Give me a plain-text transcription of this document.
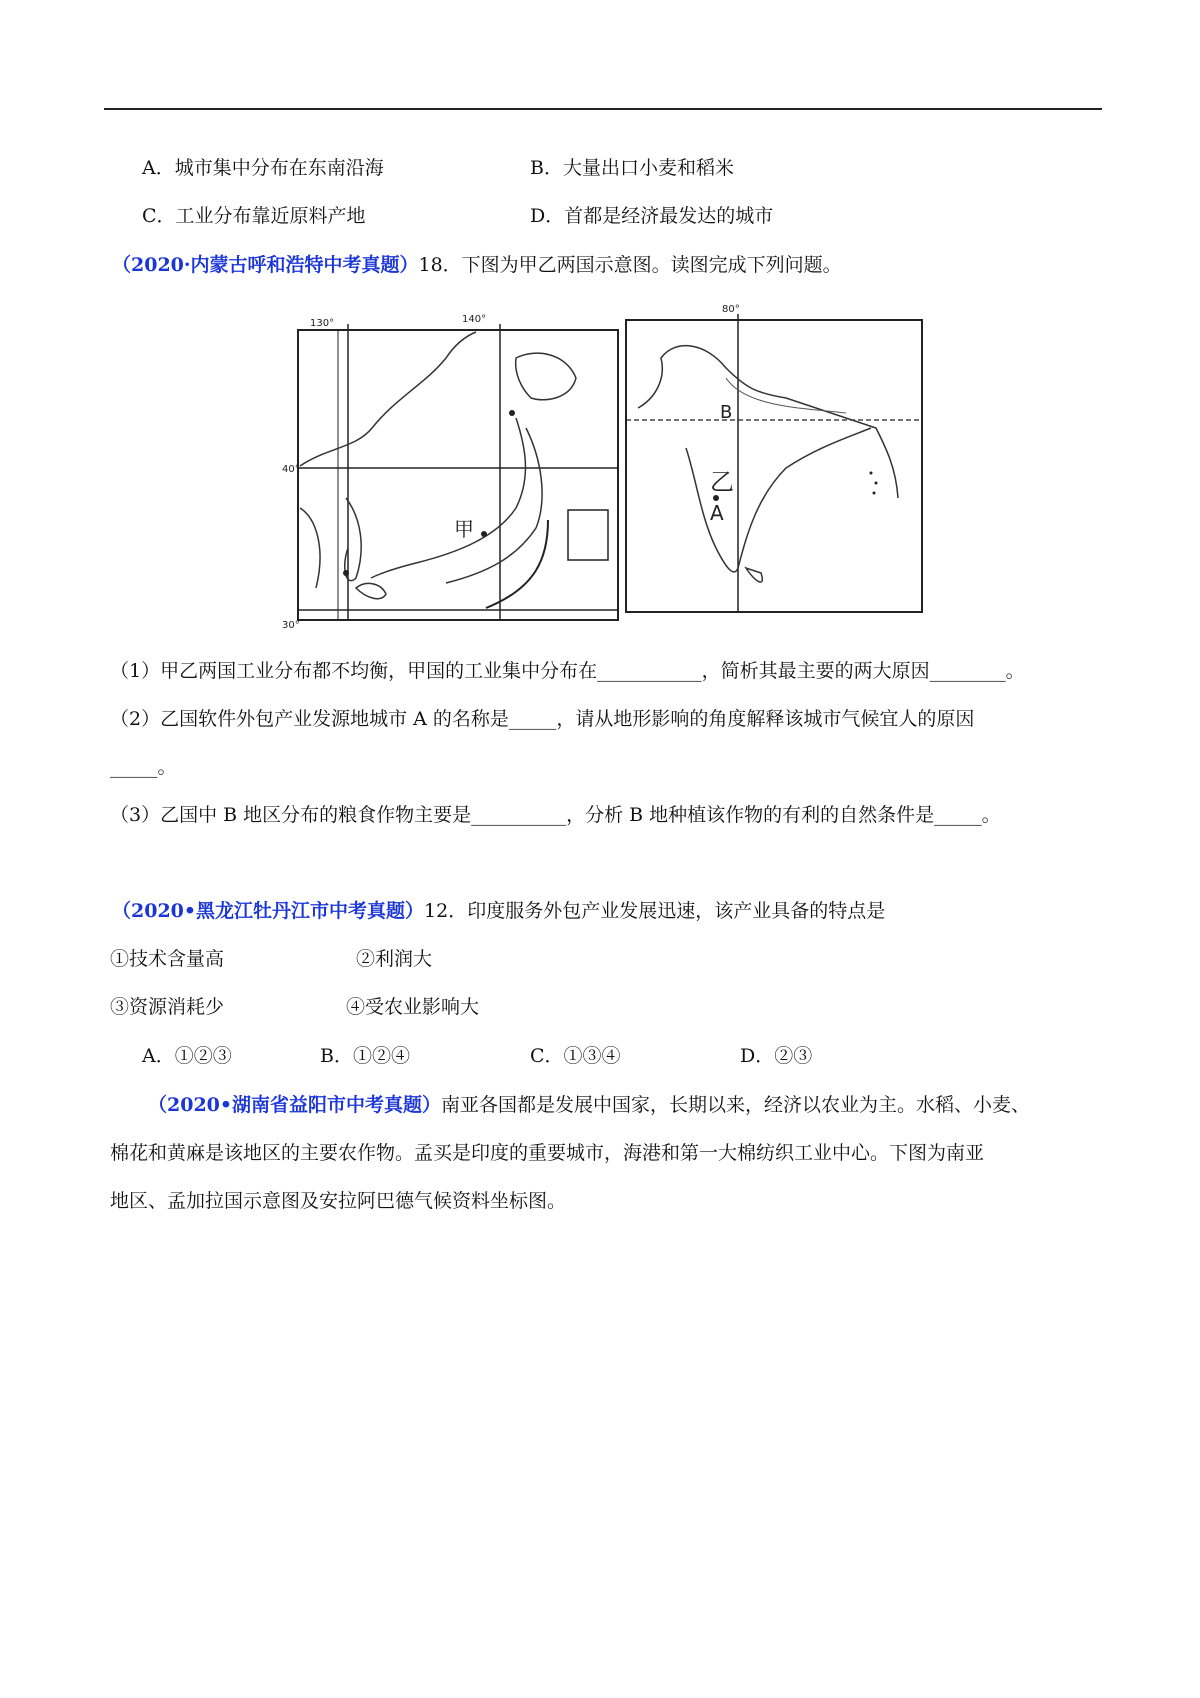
A．城市集中分布在东南沿海	B．大量出口小麦和稻米
C．工业分布靠近原料产地	D．首都是经济最发达的城市
（2020·内蒙古呼和浩特中考真题）18．下图为甲乙两国示意图。读图完成下列问题。
130°	140°
40°
30°
甲
80°
B
乙
A
（1）甲乙两国工业分布都不均衡，甲国的工业集中分布在___________，简析其最主要的两大原因________。
（2）乙国软件外包产业发源地城市 A 的名称是_____，请从地形影响的角度解释该城市气候宜人的原因
_____。
（3）乙国中 B 地区分布的粮食作物主要是__________，分析 B 地种植该作物的有利的自然条件是_____。
（2020•黑龙江牡丹江市中考真题）12．印度服务外包产业发展迅速，该产业具备的特点是
①技术含量高	②利润大
③资源消耗少	④受农业影响大
A．①②③	B．①②④	C．①③④	D．②③
（2020•湖南省益阳市中考真题）南亚各国都是发展中国家，长期以来，经济以农业为主。水稻、小麦、
棉花和黄麻是该地区的主要农作物。孟买是印度的重要城市，海港和第一大棉纺织工业中心。下图为南亚
地区、孟加拉国示意图及安拉阿巴德气候资料坐标图。
